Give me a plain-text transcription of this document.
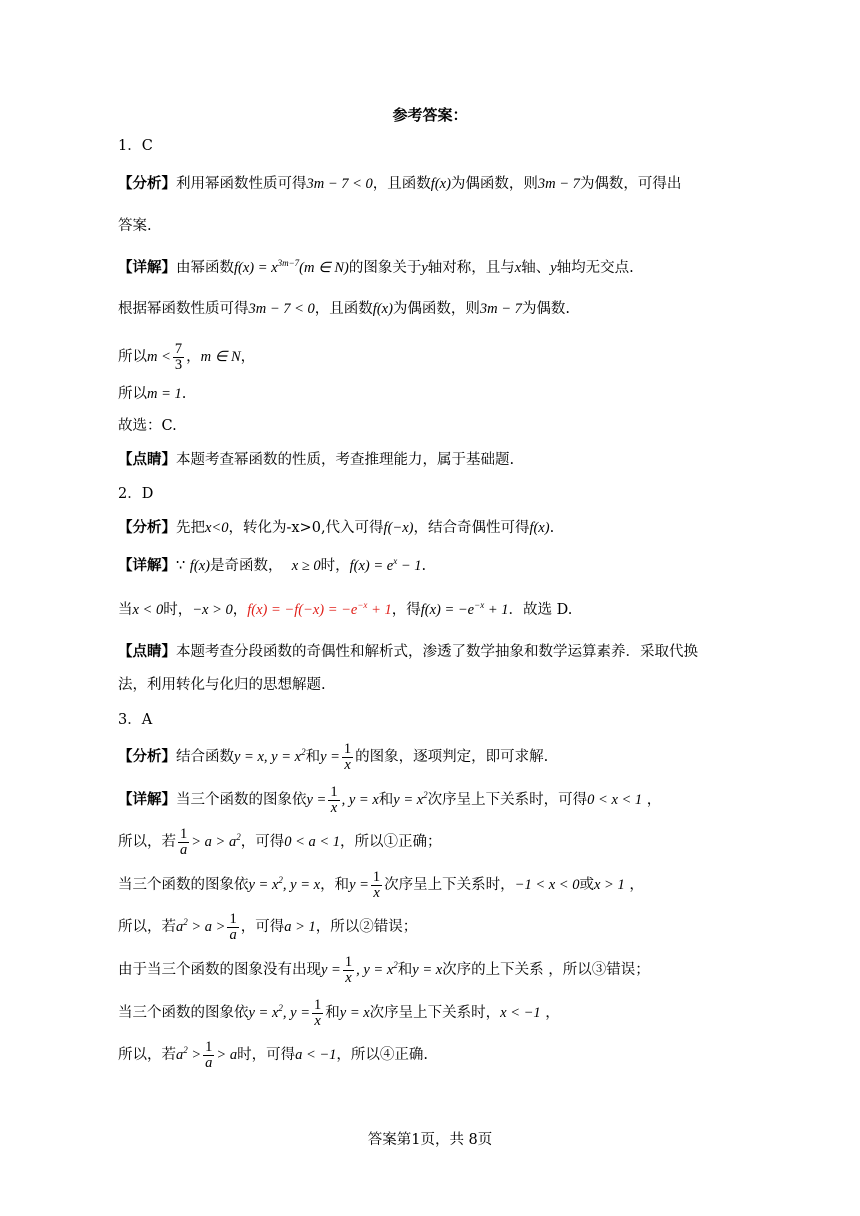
参考答案：
1．C
【分析】利用幂函数性质可得3m − 7 < 0，且函数f(x)为偶函数，则3m − 7为偶数，可得出
答案.
【详解】由幂函数$f(x) = x^{3m-7}(m$ ∈ N)的图象关于y轴对称，且与x轴、y轴均无交点.
根据幂函数性质可得3m − 7 < 0，且函数f(x)为偶函数，则3m − 7为偶数.
所以$m < \frac{7}{3}$ ，m ∈ N，
所以m = 1.
故选：C.
【点睛】本题考查幂函数的性质，考查推理能力，属于基础题.
2．D
【分析】先把x<0，转化为-x>0,代入可得f(−x)，结合奇偶性可得f(x).
【详解】∵ f(x)是奇函数， x ≥ 0时，$f(x) = e^x - 1$.
当x < 0时，−x > 0，$f(x) = -f(-x) = -e^{-x} + 1$，得$f(x) = -e^{-x} + 1$．故选 D.
【点睛】本题考查分段函数的奇偶性和解析式，渗透了数学抽象和数学运算素养．采取代换
法，利用转化与化归的思想解题.
3．A
【分析】结合函数y = x, $y = x^2$和$y = \frac{1}{x}$ 的图象，逐项判定，即可求解.
【详解】当三个函数的图象依$y = \frac{1}{x}$ , y = x和$y = x^2$次序呈上下关系时，可得0 < x < 1 ，
所以，若 $\frac{1}{a} > a > a^2$，可得0 < a < 1，所以①正确；
当三个函数的图象依$y = x^2$, y = x，和$y = \frac{1}{x}$ 次序呈上下关系时，−1 < x < 0或x > 1 ，
所以，若$a^2 > a > \frac{1}{a}$ ，可得a > 1，所以②错误；
由于当三个函数的图象没有出现$y = \frac{1}{x}$ , $y = x^2$和y = x次序的上下关系 ，所以③错误；
当三个函数的图象依$y = x^2$, $y = \frac{1}{x}$ 和y = x次序呈上下关系时，x < −1 ，
所以，若$a^2 > \frac{1}{a} > a$时，可得a < −1，所以④正确.
答案第1页，共 8页
